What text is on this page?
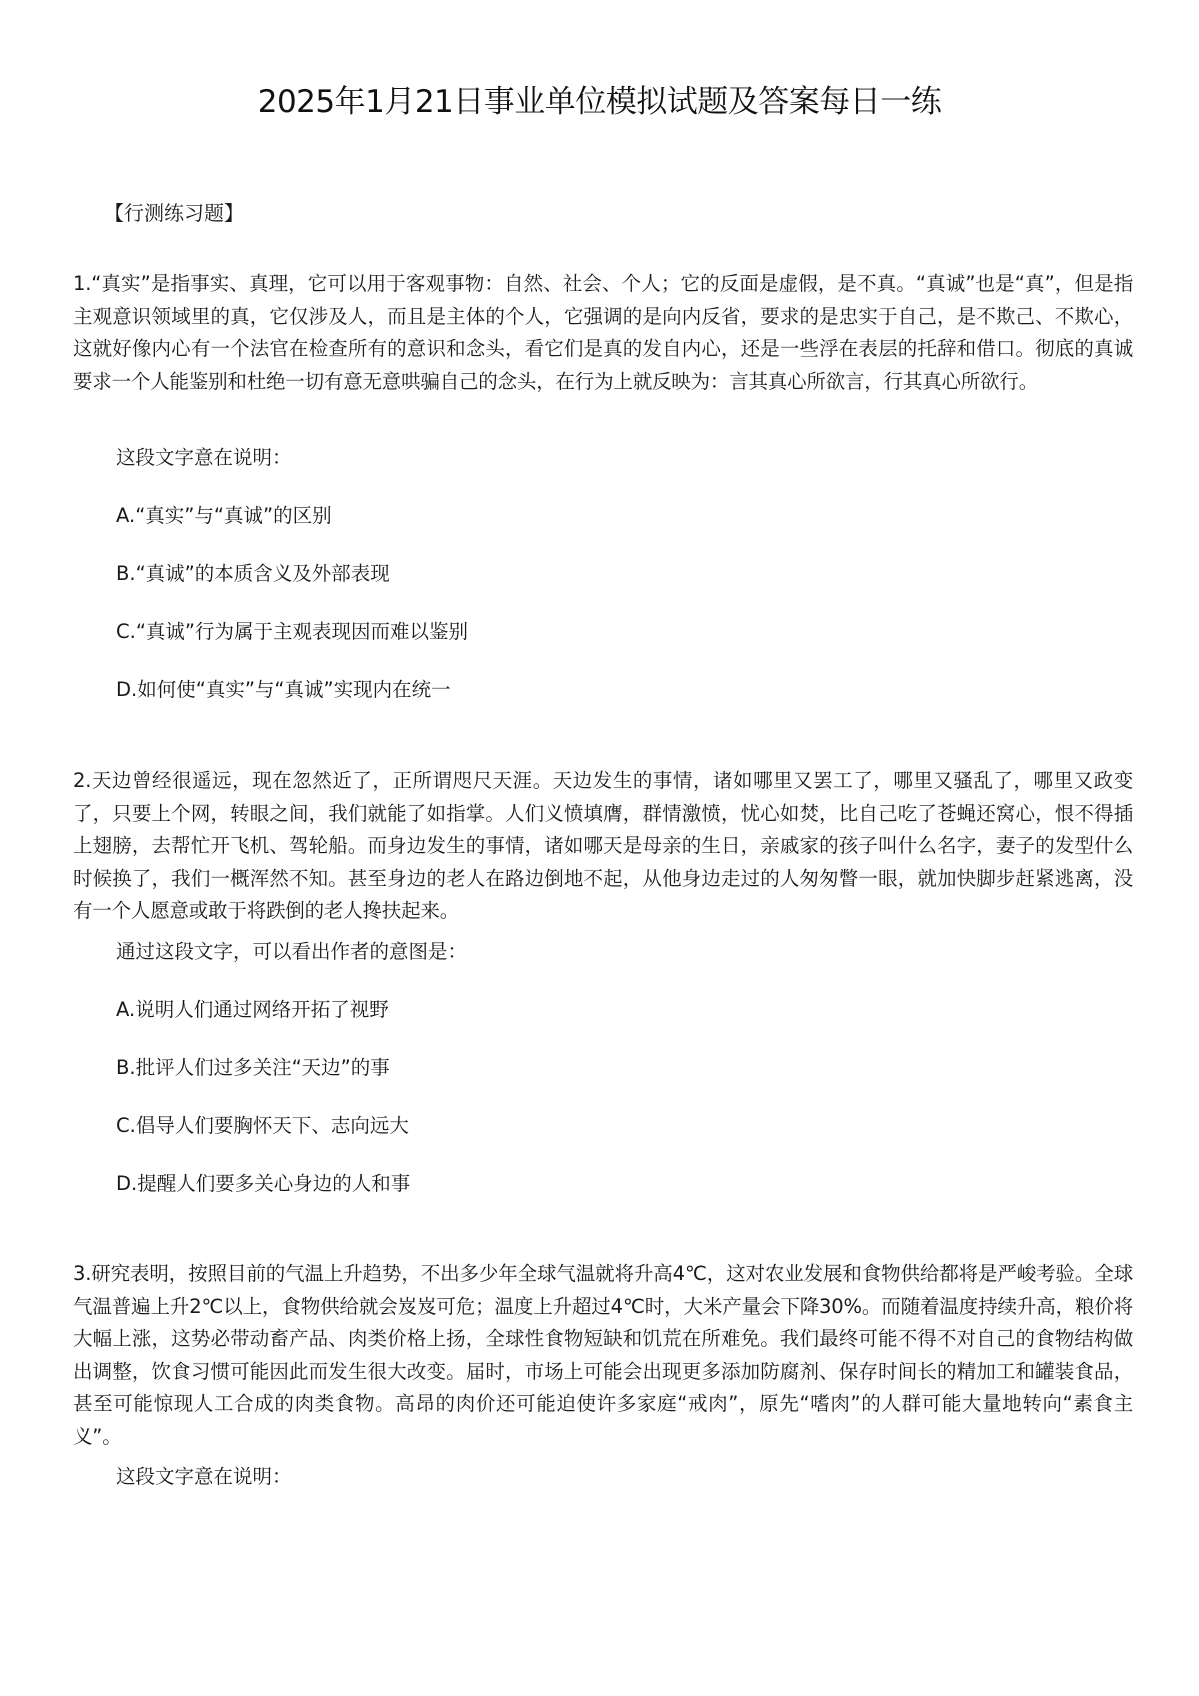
2025年1月21日事业单位模拟试题及答案每日一练
【行测练习题】
1.“真实”是指事实、真理，它可以用于客观事物：自然、社会、个人；它的反面是虚假，是不真。“真诚”也是“真”，但是指主观意识领域里的真，它仅涉及人，而且是主体的个人，它强调的是向内反省，要求的是忠实于自己，是不欺己、不欺心，这就好像内心有一个法官在检查所有的意识和念头，看它们是真的发自内心，还是一些浮在表层的托辞和借口。彻底的真诚要求一个人能鉴别和杜绝一切有意无意哄骗自己的念头，在行为上就反映为：言其真心所欲言，行其真心所欲行。
这段文字意在说明：
A.“真实”与“真诚”的区别
B.“真诚”的本质含义及外部表现
C.“真诚”行为属于主观表现因而难以鉴别
D.如何使“真实”与“真诚”实现内在统一
2.天边曾经很遥远，现在忽然近了，正所谓咫尺天涯。天边发生的事情，诸如哪里又罢工了，哪里又骚乱了，哪里又政变了，只要上个网，转眼之间，我们就能了如指掌。人们义愤填膺，群情激愤，忧心如焚，比自己吃了苍蝇还窝心，恨不得插上翅膀，去帮忙开飞机、驾轮船。而身边发生的事情，诸如哪天是母亲的生日，亲戚家的孩子叫什么名字，妻子的发型什么时候换了，我们一概浑然不知。甚至身边的老人在路边倒地不起，从他身边走过的人匆匆瞥一眼，就加快脚步赶紧逃离，没有一个人愿意或敢于将跌倒的老人搀扶起来。
通过这段文字，可以看出作者的意图是：
A.说明人们通过网络开拓了视野
B.批评人们过多关注“天边”的事
C.倡导人们要胸怀天下、志向远大
D.提醒人们要多关心身边的人和事
3.研究表明，按照目前的气温上升趋势，不出多少年全球气温就将升高4℃，这对农业发展和食物供给都将是严峻考验。全球气温普遍上升2℃以上，食物供给就会岌岌可危；温度上升超过4℃时，大米产量会下降30%。而随着温度持续升高，粮价将大幅上涨，这势必带动畜产品、肉类价格上扬，全球性食物短缺和饥荒在所难免。我们最终可能不得不对自己的食物结构做出调整，饮食习惯可能因此而发生很大改变。届时，市场上可能会出现更多添加防腐剂、保存时间长的精加工和罐装食品，甚至可能惊现人工合成的肉类食物。高昂的肉价还可能迫使许多家庭“戒肉”，原先“嗜肉”的人群可能大量地转向“素食主义”。
这段文字意在说明：
